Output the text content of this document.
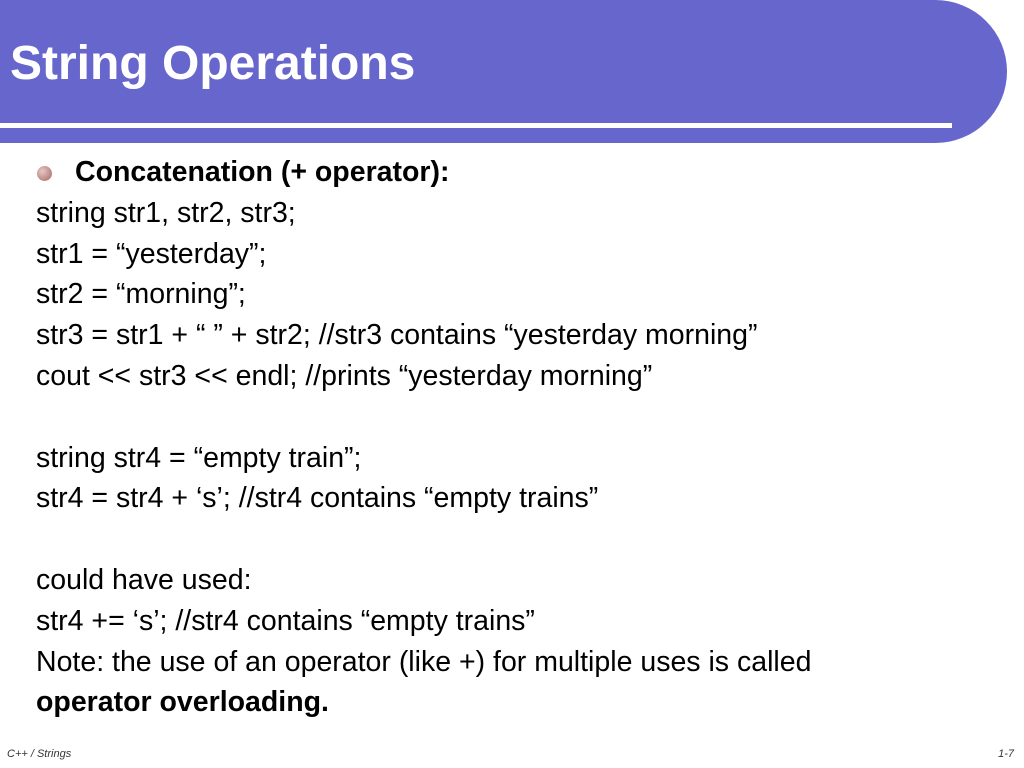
String Operations
Concatenation (+ operator):
string str1, str2, str3;
str1 = “yesterday”;
str2 = “morning”;
str3 = str1 + “ ” + str2; //str3 contains “yesterday morning”
cout << str3 << endl; //prints “yesterday morning”
string str4 = “empty train”;
str4 = str4 + ‘s’; //str4 contains “empty trains”
could have used:
str4 += ‘s’; //str4 contains “empty trains”
Note: the use of an operator (like +) for multiple uses is called
operator overloading.
C++ / Strings	1-7
